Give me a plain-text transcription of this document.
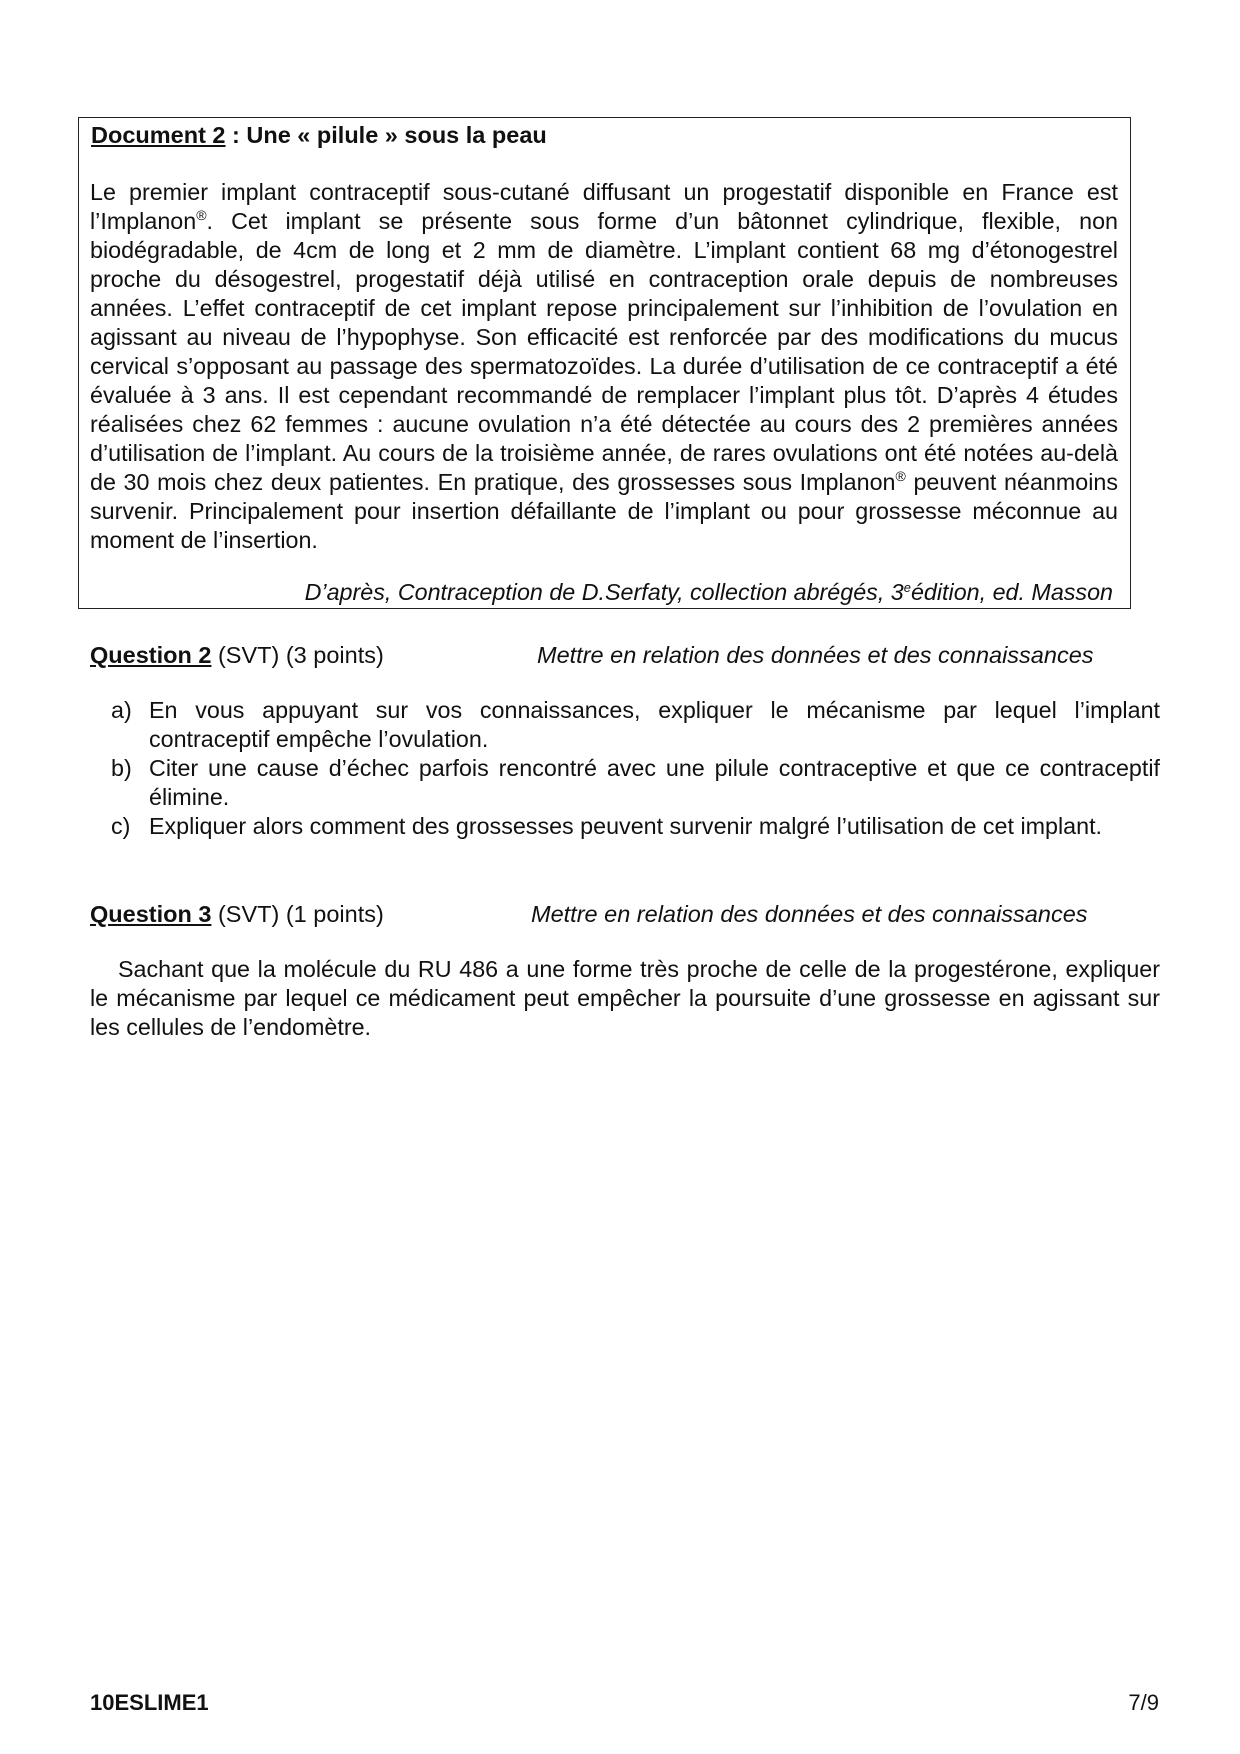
Document 2 : Une « pilule » sous la peau
Le premier implant contraceptif sous-cutané diffusant un progestatif disponible en France est l’Implanon®. Cet implant se présente sous forme d’un bâtonnet cylindrique, flexible, non biodégradable, de 4cm de long et 2 mm de diamètre. L’implant contient 68 mg d’étonogestrel proche du désogestrel, progestatif déjà utilisé en contraception orale depuis de nombreuses années. L’effet contraceptif de cet implant repose principalement sur l’inhibition de l’ovulation en agissant au niveau de l’hypophyse. Son efficacité est renforcée par des modifications du mucus cervical s’opposant au passage des spermatozoïdes. La durée d’utilisation de ce contraceptif a été évaluée à 3 ans. Il est cependant recommandé de remplacer l’implant plus tôt. D’après 4 études réalisées chez 62 femmes : aucune ovulation n’a été détectée au cours des 2 premières années d’utilisation de l’implant. Au cours de la troisième année, de rares ovulations ont été notées au-delà de 30 mois chez deux patientes. En pratique, des grossesses sous Implanon® peuvent néanmoins survenir. Principalement pour insertion défaillante de l’implant ou pour grossesse méconnue au moment de l’insertion.
D’après, Contraception de D.Serfaty, collection abrégés, 3eédition, ed. Masson
Question 2 (SVT) (3 points)	Mettre en relation des données et des connaissances
a) En vous appuyant sur vos connaissances, expliquer le mécanisme par lequel l’implant contraceptif empêche l’ovulation.
b) Citer une cause d’échec parfois rencontré avec une pilule contraceptive et que ce contraceptif élimine.
c) Expliquer alors comment des grossesses peuvent survenir malgré l’utilisation de cet implant.
Question 3 (SVT) (1 points)	Mettre en relation des données et des connaissances
Sachant que la molécule du RU 486 a une forme très proche de celle de la progestérone, expliquer le mécanisme par lequel ce médicament peut empêcher la poursuite d’une grossesse en agissant sur les cellules de l’endomètre.
10ESLIME1	7/9
